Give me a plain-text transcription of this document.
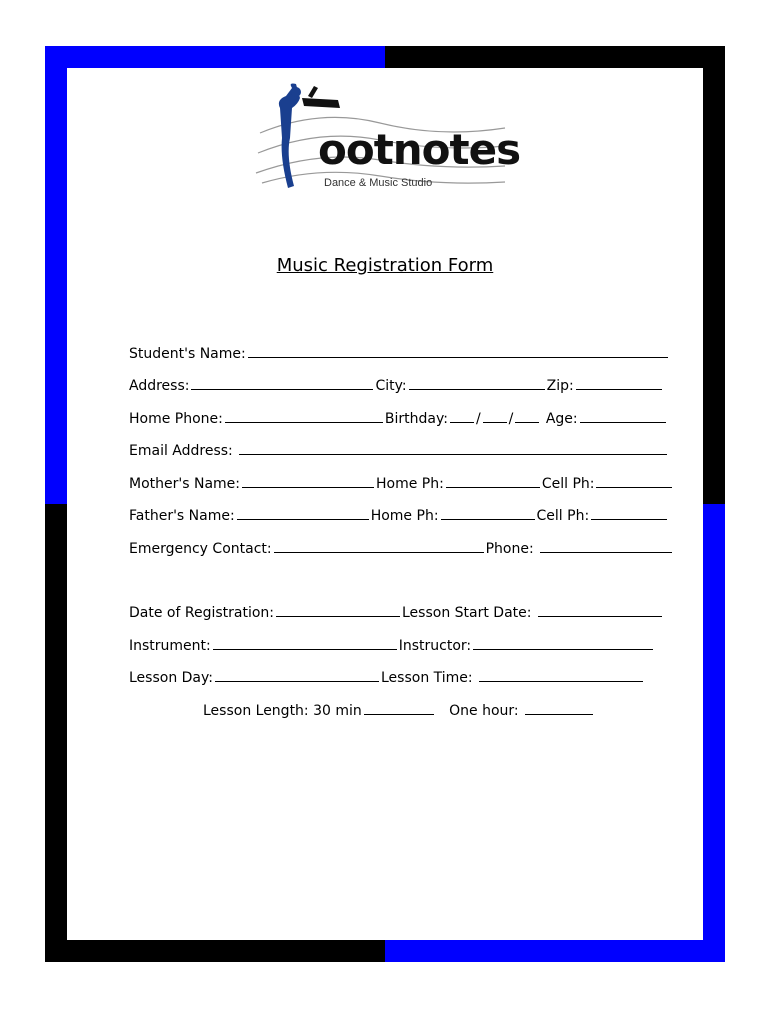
ootnotes
Dance & Music Studio
Music Registration Form
Student's Name:
Address:	City:	Zip:
Home Phone:	Birthday: / / Age:
Email Address:
Mother's Name:	Home Ph:	Cell Ph:
Father's Name:	Home Ph:	Cell Ph:
Emergency Contact:	Phone:
Date of Registration:	Lesson Start Date:
Instrument:	Instructor:
Lesson Day:	Lesson Time:
Lesson Length: 30 min	One hour:
